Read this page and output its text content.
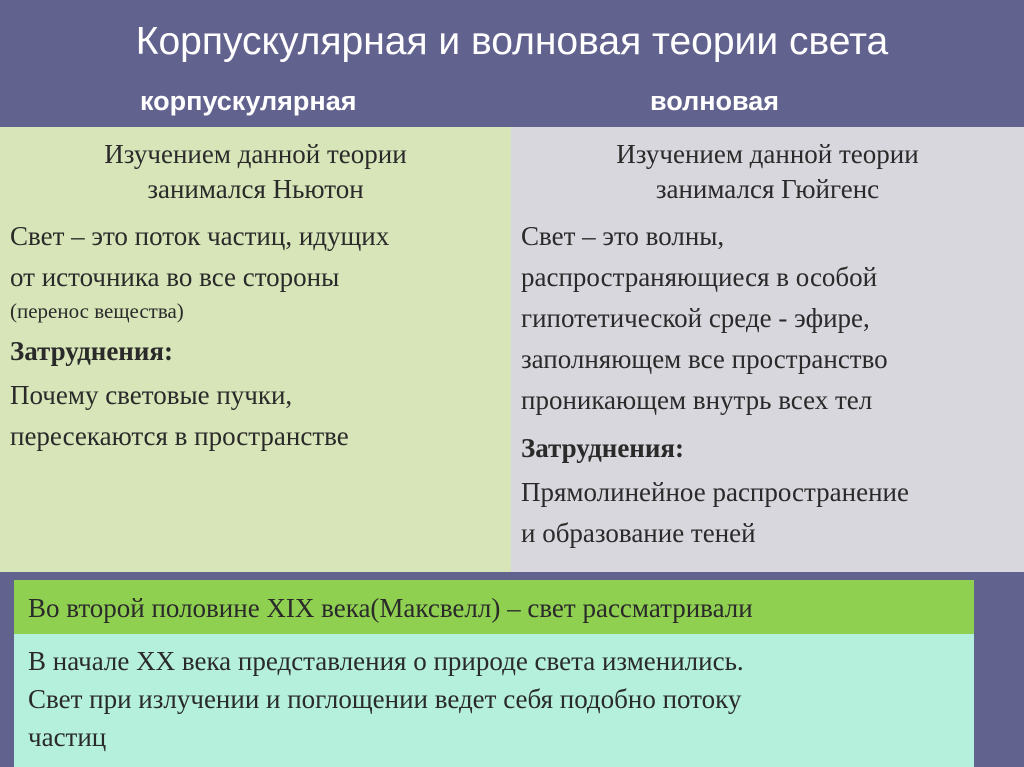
Корпускулярная и волновая теории света
корпускулярная	волновая
Изучением данной теории
занимался Ньютон
Свет – это поток частиц, идущих
от источника во все стороны
(перенос вещества)
Затруднения:
Почему световые пучки,
пересекаются в пространстве
Изучением данной теории
занимался Гюйгенс
Свет – это волны,
распространяющиеся в особой
гипотетической среде - эфире,
заполняющем все пространство
проникающем внутрь всех тел
Затруднения:
Прямолинейное распространение
и образование теней
Во второй половине XIX века(Максвелл) – свет рассматривали
В начале XX века представления о природе света изменились.
Свет при излучении и поглощении ведет себя подобно потоку
частиц
